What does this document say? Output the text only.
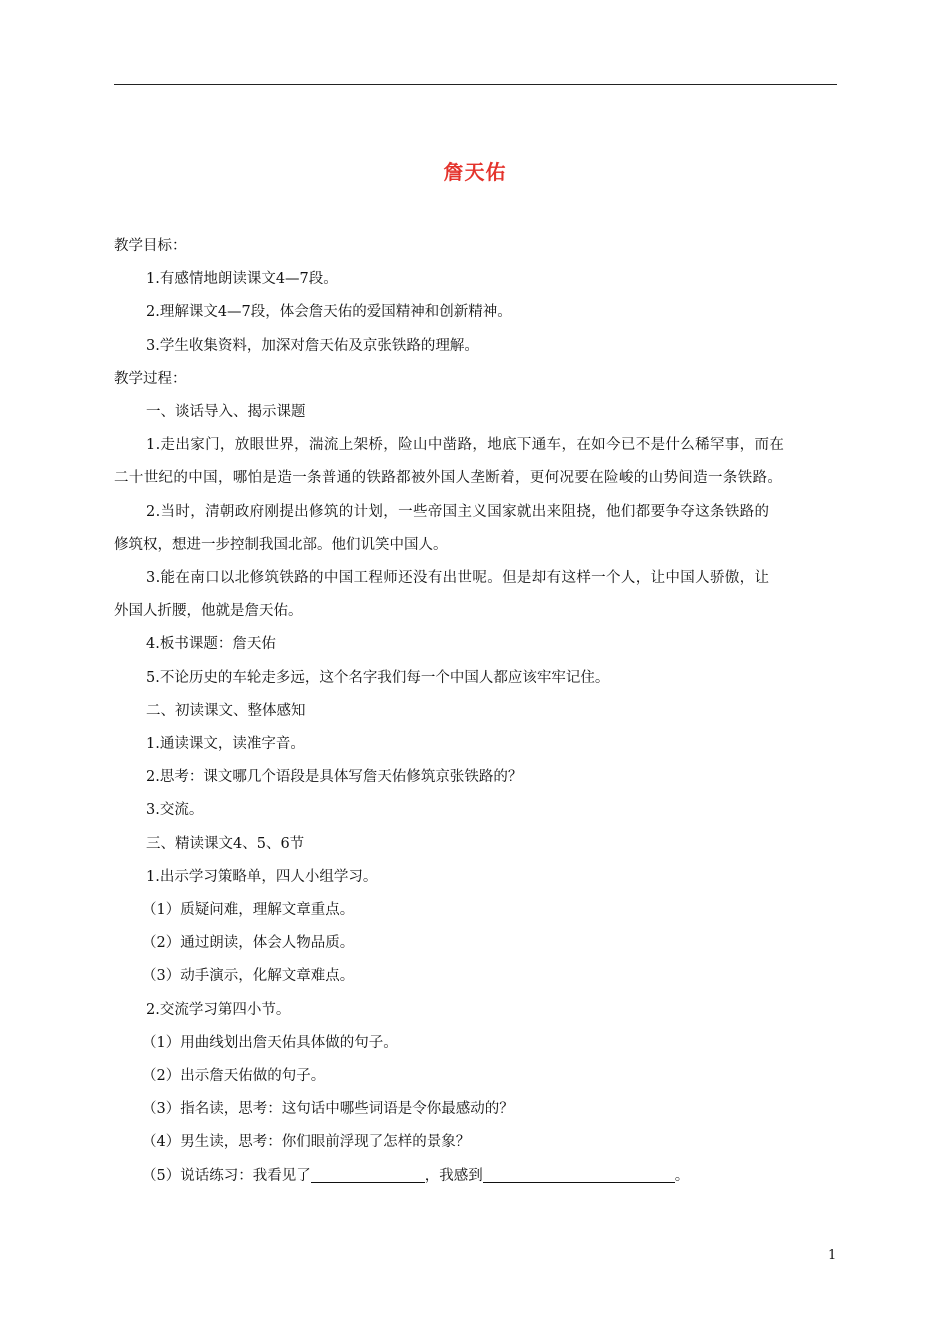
詹天佑
教学目标：
1.有感情地朗读课文4—7段。
2.理解课文4—7段，体会詹天佑的爱国精神和创新精神。
3.学生收集资料，加深对詹天佑及京张铁路的理解。
教学过程：
一、谈话导入、揭示课题
1.走出家门，放眼世界，湍流上架桥，险山中凿路，地底下通车，在如今已不是什么稀罕事，而在
二十世纪的中国，哪怕是造一条普通的铁路都被外国人垄断着，更何况要在险峻的山势间造一条铁路。
2.当时，清朝政府刚提出修筑的计划，一些帝国主义国家就出来阻挠，他们都要争夺这条铁路的
修筑权，想进一步控制我国北部。他们讥笑中国人。
3.能在南口以北修筑铁路的中国工程师还没有出世呢。但是却有这样一个人，让中国人骄傲，让
外国人折腰，他就是詹天佑。
4.板书课题：詹天佑
5.不论历史的车轮走多远，这个名字我们每一个中国人都应该牢牢记住。
二、初读课文、整体感知
1.通读课文，读准字音。
2.思考：课文哪几个语段是具体写詹天佑修筑京张铁路的？
3.交流。
三、精读课文4、5、6节
1.出示学习策略单，四人小组学习。
（1）质疑问难，理解文章重点。
（2）通过朗读，体会人物品质。
（3）动手演示，化解文章难点。
2.交流学习第四小节。
（1）用曲线划出詹天佑具体做的句子。
（2）出示詹天佑做的句子。
（3）指名读，思考：这句话中哪些词语是令你最感动的？
（4）男生读，思考：你们眼前浮现了怎样的景象？
（5）说话练习：我看见了	，我感到	。
1
